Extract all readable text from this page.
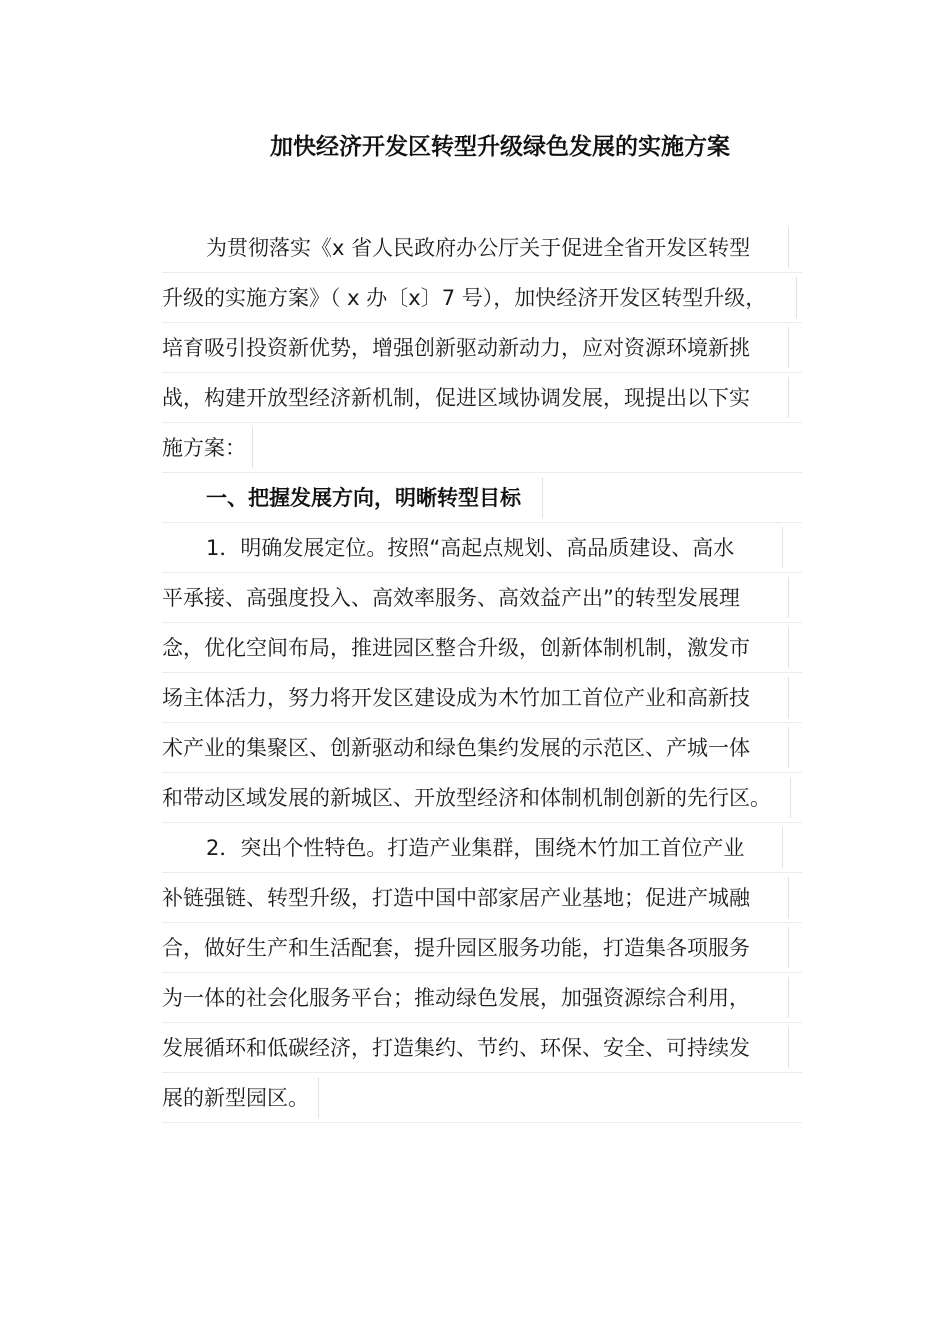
加快经济开发区转型升级绿色发展的实施方案
为贯彻落实《x 省人民政府办公厅关于促进全省开发区转型
升级的实施方案》（ x 办〔x〕7 号），加快经济开发区转型升级，
培育吸引投资新优势，增强创新驱动新动力，应对资源环境新挑
战，构建开放型经济新机制，促进区域协调发展，现提出以下实
施方案：
一、把握发展方向，明晰转型目标
1．明确发展定位。按照“高起点规划、高品质建设、高水
平承接、高强度投入、高效率服务、高效益产出”的转型发展理
念，优化空间布局，推进园区整合升级，创新体制机制，激发市
场主体活力，努力将开发区建设成为木竹加工首位产业和高新技
术产业的集聚区、创新驱动和绿色集约发展的示范区、产城一体
和带动区域发展的新城区、开放型经济和体制机制创新的先行区。
2．突出个性特色。打造产业集群，围绕木竹加工首位产业
补链强链、转型升级，打造中国中部家居产业基地；促进产城融
合，做好生产和生活配套，提升园区服务功能，打造集各项服务
为一体的社会化服务平台；推动绿色发展，加强资源综合利用，
发展循环和低碳经济，打造集约、节约、环保、安全、可持续发
展的新型园区。
